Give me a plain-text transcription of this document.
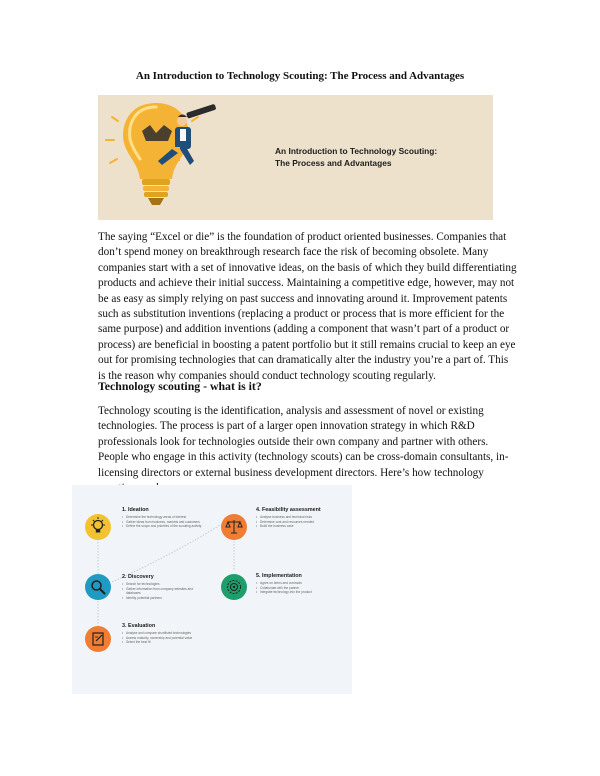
An Introduction to Technology Scouting: The Process and Advantages
An Introduction to Technology Scouting:
The Process and Advantages

The saying “Excel or die” is the foundation of product oriented businesses. Companies that don’t spend money on breakthrough research face the risk of becoming obsolete. Many companies start with a set of innovative ideas, on the basis of which they build differentiating products and achieve their initial success. Maintaining a competitive edge, however, may not be as easy as simply relying on past success and innovating around it. Improvement patents such as substitution inventions (replacing a product or process that is more efficient for the same purpose) and addition inventions (adding a component that wasn’t part of a product or process) are beneficial in boosting a patent portfolio but it still remains crucial to keep an eye out for promising technologies that can dramatically alter the industry you’re a part of. This is the reason why companies should conduct technology scouting regularly.

Technology scouting - what is it?

Technology scouting is the identification, analysis and assessment of novel or existing technologies. The process is part of a larger open innovation strategy in which R&D professionals look for technologies outside their own company and partner with others. People who engage in this activity (technology scouts) can be cross-domain consultants, in-licensing directors or external business development directors. Here’s how technology

1. Ideation
• Determine the technology areas of interest
• Gather ideas from business, markets and customers
• Define the scope and priorities of the scouting activity
4. Feasibility assessment
• Analyse business and technical risks
• Determine cost and resources needed
• Build the business case
2. Discovery
• Search for technologies
• Gather information from company websites and databases
• Identify potential partners
5. Implementation
• Agree on terms and contracts
• Collaborate with the partner
• Integrate technology into the product
3. Evaluation
• Analyse and compare shortlisted technologies
• Assess maturity, ownership and potential value
• Select the best fit
